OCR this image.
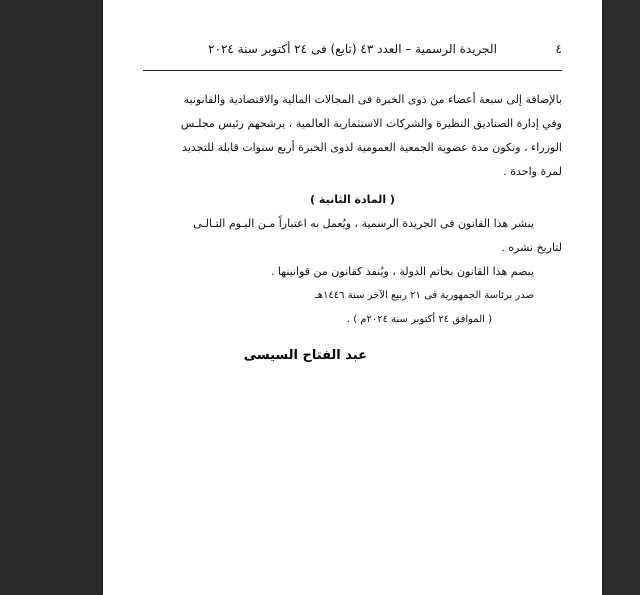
٤
الجريدة الرسمية – العدد ٤٣ (تابع) فى ٢٤ أكتوبر سنة ٢٠٢٤
بالإضافة إلى سبعة أعضاء من ذوى الخبرة فى المجالات المالية والاقتصادية والقانونية
وفي إدارة الصناديق النظيرة والشركات الاستثمارية العالمية ، يرشحهم رئيس مجلـس
الوزراء ، وتكون مدة عضوية الجمعية العمومية لذوى الخبرة أربع سنوات قابلة للتجديد
لمرة واحدة .
( المادة الثانية )
ينشر هذا القانون فى الجريدة الرسمية ، ويُعمل به اعتباراً مـن اليـوم التـالـى
لتاريخ نشره .
يبصم هذا القانون بخاتم الدولة ، ويُنفذ كقانون من قوانينها .
صدر برئاسة الجمهورية فى ٢١ ربيع الآخر سنة ١٤٤٦هـ
( الموافق ٢٤ أكتوبر سنة ٢٠٢٤م ) .
عبد الفتاح السيسى
